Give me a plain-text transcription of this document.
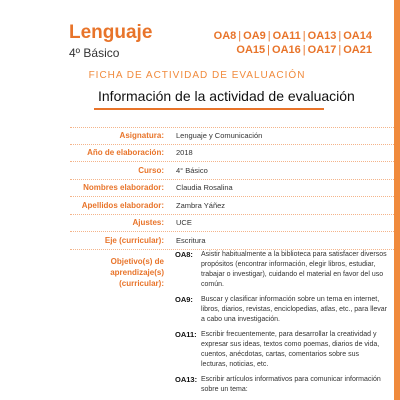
Lenguaje
4º Básico
OA8 | OA9 | OA11 | OA13 | OA14
OA15 | OA16 | OA17 | OA21
FICHA DE ACTIVIDAD DE EVALUACIÓN
Información de la actividad de evaluación
Asignatura:	Lenguaje y Comunicación
Año de elaboración:	2018
Curso:	4° Básico
Nombres elaborador:	Claudia Rosalina
Apellidos elaborador:	Zambra Yáñez
Ajustes:	UCE
Eje (curricular):	Escritura
Objetivo(s) de aprendizaje(s) (curricular):
OA8:	Asistir habitualmente a la biblioteca para satisfacer diversos propósitos (encontrar información, elegir libros, estudiar, trabajar o investigar), cuidando el material en favor del uso común.
OA9:	Buscar y clasificar información sobre un tema en internet, libros, diarios, revistas, enciclopedias, atlas, etc., para llevar a cabo una investigación.
OA11: Escribir frecuentemente, para desarrollar la creatividad y expresar sus ideas, textos como poemas, diarios de vida, cuentos, anécdotas, cartas, comentarios sobre sus lecturas, noticias, etc.
OA13: Escribir artículos informativos para comunicar información sobre un tema:
